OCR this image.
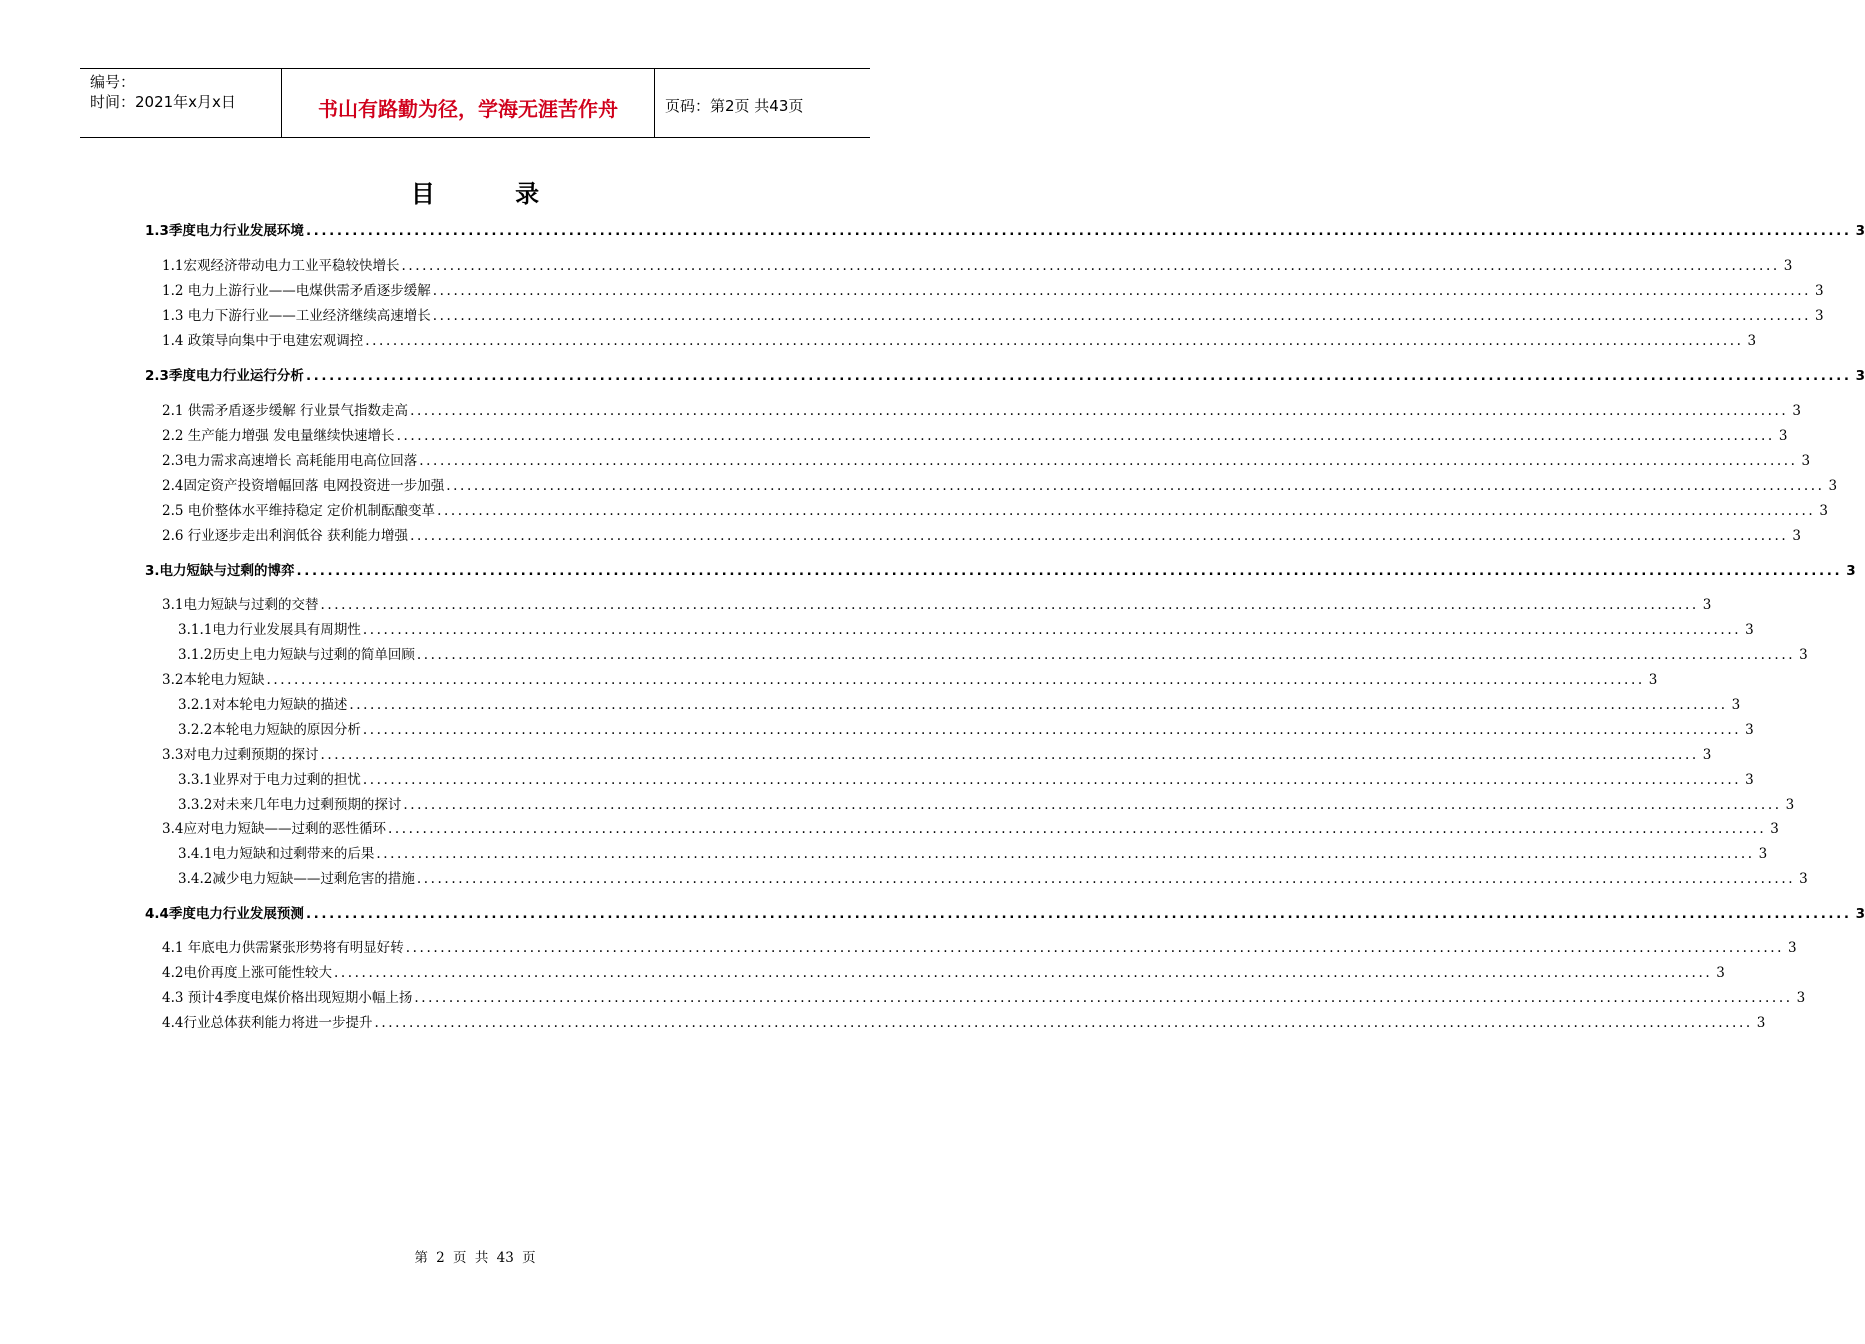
编号：
时间：2021年x月x日	书山有路勤为径，学海无涯苦作舟	页码：第2页 共43页
目 录
1. 3季度电力行业发展环境 ........................................................................................................................................................................................................ 3
1.1宏观经济带动电力工业平稳较快增长 ........................................................................................................................................................................................................ 3
1.2 电力上游行业——电煤供需矛盾逐步缓解 ........................................................................................................................................................................................................ 3
1.3 电力下游行业——工业经济继续高速增长 ........................................................................................................................................................................................................ 3
1.4 政策导向集中于电建宏观调控 ........................................................................................................................................................................................................ 3
2. 3季度电力行业运行分析 ........................................................................................................................................................................................................ 3
2.1 供需矛盾逐步缓解 行业景气指数走高 ........................................................................................................................................................................................................ 3
2.2 生产能力增强 发电量继续快速增长 ........................................................................................................................................................................................................ 3
2.3电力需求高速增长 高耗能用电高位回落 ........................................................................................................................................................................................................ 3
2.4固定资产投资增幅回落 电网投资进一步加强 ........................................................................................................................................................................................................ 3
2.5 电价整体水平维持稳定 定价机制酝酿变革 ........................................................................................................................................................................................................ 3
2.6 行业逐步走出利润低谷 获利能力增强 ........................................................................................................................................................................................................ 3
3. 电力短缺与过剩的博弈 ........................................................................................................................................................................................................ 3
3.1电力短缺与过剩的交替 ........................................................................................................................................................................................................ 3
3.1.1电力行业发展具有周期性 ........................................................................................................................................................................................................ 3
3.1.2历史上电力短缺与过剩的简单回顾 ........................................................................................................................................................................................................ 3
3.2本轮电力短缺 ........................................................................................................................................................................................................ 3
3.2.1对本轮电力短缺的描述 ........................................................................................................................................................................................................ 3
3.2.2本轮电力短缺的原因分析 ........................................................................................................................................................................................................ 3
3.3对电力过剩预期的探讨 ........................................................................................................................................................................................................ 3
3.3.1业界对于电力过剩的担忧 ........................................................................................................................................................................................................ 3
3.3.2对未来几年电力过剩预期的探讨 ........................................................................................................................................................................................................ 3
3.4应对电力短缺——过剩的恶性循环 ........................................................................................................................................................................................................ 3
3.4.1电力短缺和过剩带来的后果 ........................................................................................................................................................................................................ 3
3.4.2减少电力短缺——过剩危害的措施 ........................................................................................................................................................................................................ 3
4. 4季度电力行业发展预测 ........................................................................................................................................................................................................ 3
4.1 年底电力供需紧张形势将有明显好转 ........................................................................................................................................................................................................ 3
4.2电价再度上涨可能性较大 ........................................................................................................................................................................................................ 3
4.3 预计4季度电煤价格出现短期小幅上扬 ........................................................................................................................................................................................................ 3
4.4行业总体获利能力将进一步提升 ........................................................................................................................................................................................................ 3
第 2 页 共 43 页
